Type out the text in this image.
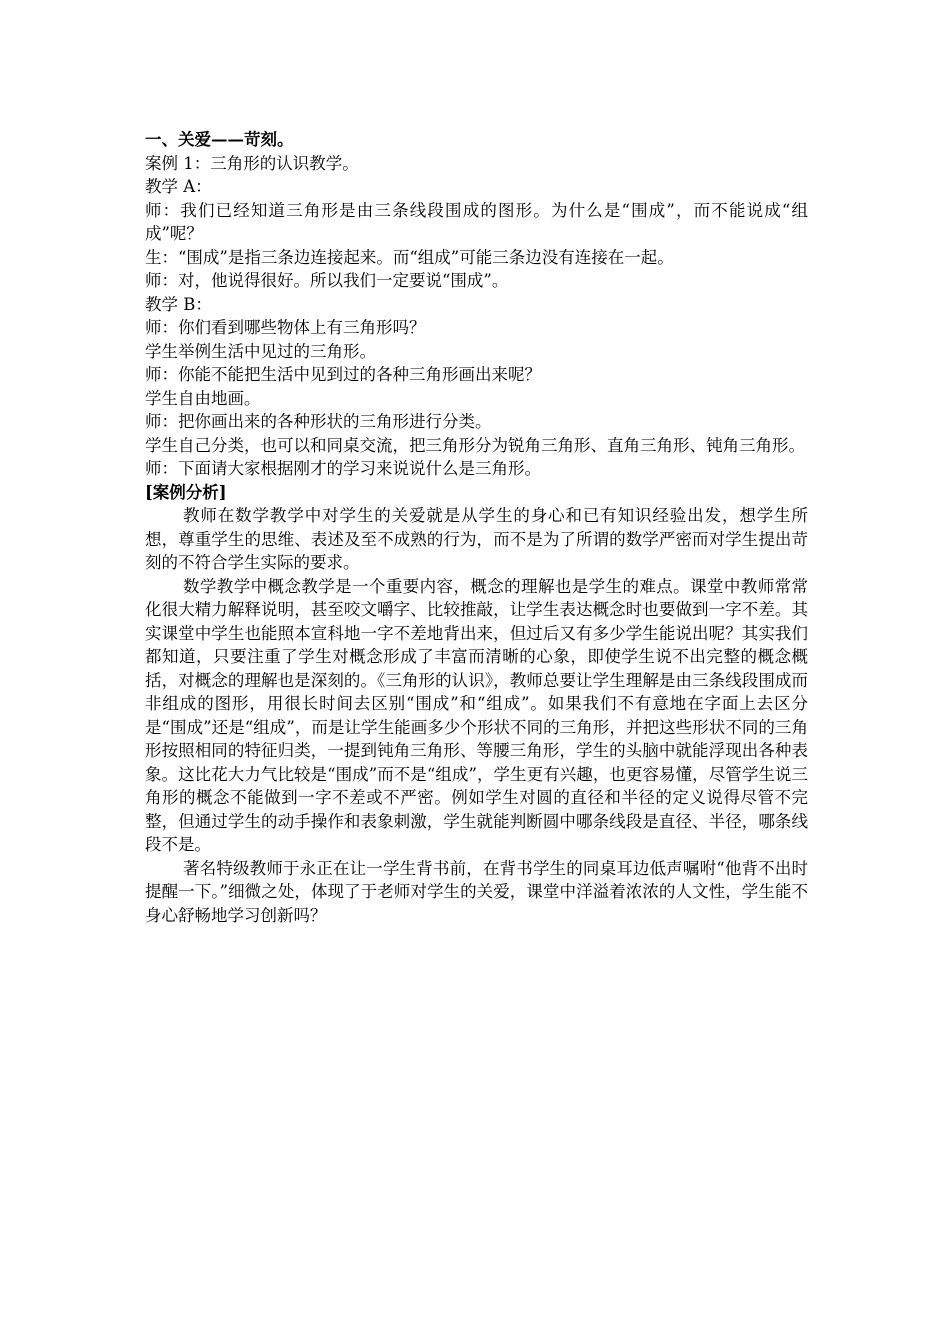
一、关爱——苛刻。

案例 1：三角形的认识教学。

教学 A：

师：我们已经知道三角形是由三条线段围成的图形。为什么是“围成”，而不能说成“组成”呢？

生：“围成”是指三条边连接起来。而“组成”可能三条边没有连接在一起。

师：对，他说得很好。所以我们一定要说“围成”。

教学 B：

师：你们看到哪些物体上有三角形吗？

学生举例生活中见过的三角形。

师：你能不能把生活中见到过的各种三角形画出来呢？

学生自由地画。

师：把你画出来的各种形状的三角形进行分类。

学生自己分类，也可以和同桌交流，把三角形分为锐角三角形、直角三角形、钝角三角形。

师：下面请大家根据刚才的学习来说说什么是三角形。

[案例分析]

教师在数学教学中对学生的关爱就是从学生的身心和已有知识经验出发，想学生所想，尊重学生的思维、表述及至不成熟的行为，而不是为了所谓的数学严密而对学生提出苛刻的不符合学生实际的要求。

数学教学中概念教学是一个重要内容，概念的理解也是学生的难点。课堂中教师常常化很大精力解释说明，甚至咬文嚼字、比较推敲，让学生表达概念时也要做到一字不差。其实课堂中学生也能照本宣科地一字不差地背出来，但过后又有多少学生能说出呢？其实我们都知道，只要注重了学生对概念形成了丰富而清晰的心象，即使学生说不出完整的概念概括，对概念的理解也是深刻的。《三角形的认识》，教师总要让学生理解是由三条线段围成而非组成的图形，用很长时间去区别“围成”和“组成”。如果我们不有意地在字面上去区分是“围成”还是“组成”，而是让学生能画多少个形状不同的三角形，并把这些形状不同的三角形按照相同的特征归类，一提到钝角三角形、等腰三角形，学生的头脑中就能浮现出各种表象。这比花大力气比较是“围成”而不是“组成”，学生更有兴趣，也更容易懂，尽管学生说三角形的概念不能做到一字不差或不严密。例如学生对圆的直径和半径的定义说得尽管不完整，但通过学生的动手操作和表象刺激，学生就能判断圆中哪条线段是直径、半径，哪条线段不是。

著名特级教师于永正在让一学生背书前，在背书学生的同桌耳边低声嘱咐“他背不出时提醒一下。”细微之处，体现了于老师对学生的关爱，课堂中洋溢着浓浓的人文性，学生能不身心舒畅地学习创新吗？
